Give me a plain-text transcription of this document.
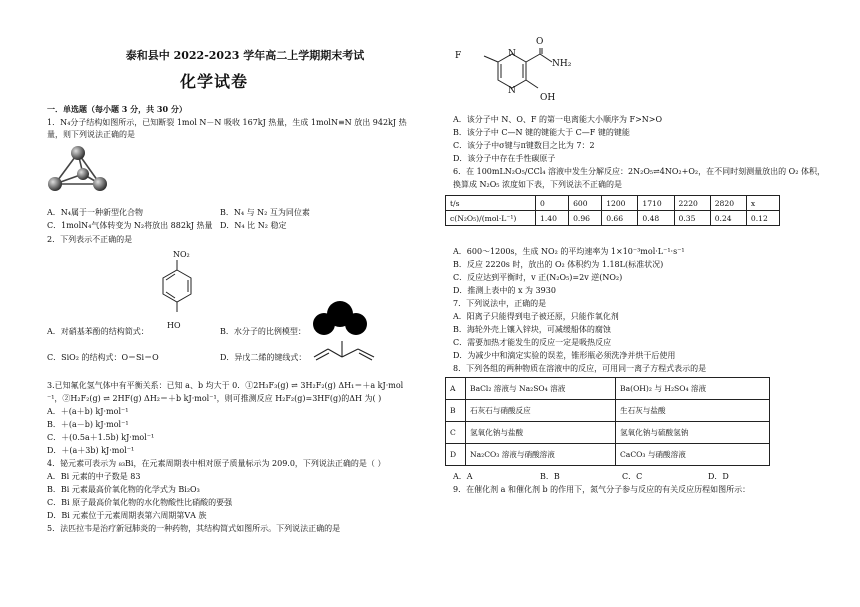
泰和县中 2022-2023 学年高二上学期期末考试
化学试卷
一．单选题（每小题 3 分，共 30 分）
1．N₄分子结构如图所示，已知断裂 1mol N－N 吸收 167kJ 热量，生成 1molN≡N 放出 942kJ 热
量，则下列说法正确的是
A．N₄属于一种新型化合物	B．N₄ 与 N₂ 互为同位素
C．1molN₄气体转变为 N₂将放出 882kJ 热量 D．N₄ 比 N₂ 稳定
2．下列表示不正确的是
NO₂
HO
A．对硝基苯酚的结构简式：	B．水分子的比例模型：
C．SiO₂ 的结构式：O＝Si＝O	D．异戊二烯的键线式：
3.已知氟化氢气体中有平衡关系：已知 a、b 均大于 0．①2H₃F₃(g) ⇌ 3H₂F₂(g) ΔH₁＝＋a kJ·mol
⁻¹，②H₂F₂(g) ⇌ 2HF(g) ΔH₂＝＋b kJ·mol⁻¹，则可推测反应 H₂F₂(g)=3HF(g)的ΔH 为( )
A．＋(a＋b) kJ·mol⁻¹
B．＋(a－b) kJ·mol⁻¹
C．＋(0.5a＋1.5b) kJ·mol⁻¹
D．＋(a＋3b) kJ·mol⁻¹
4．铋元素可表示为 ₈₃Bi，在元素周期表中相对原子质量标示为 209.0，下列说法正确的是（ ）
A．Bi 元素的中子数是 83
B．Bi 元素最高价氧化物的化学式为 Bi₂O₃
C．Bi 原子最高价氧化物的水化物酸性比硝酸的要强
D．Bi 元素位于元素周期表第六周期第ⅤA 族
5．法匹拉韦是治疗新冠肺炎的一种药物，其结构简式如图所示。下列说法正确的是
F	N
N
O
NH₂
OH
A．该分子中 N、O、F 的第一电离能大小顺序为 F>N>O
B．该分子中 C—N 键的键能大于 C—F 键的键能
C．该分子中σ键与π键数目之比为 7：2
D．该分子中存在手性碳原子
6．在 100mLN₂O₅/CCl₄ 溶液中发生分解反应：2N₂O₅⇌4NO₂+O₂，在不同时刻测量放出的 O₂ 体积，
换算成 N₂O₅ 浓度如下表，下列说法不正确的是
t/s	0	600	1200	1710	2220	2820	x
c(N₂O₅)/(mol·L⁻¹)	1.40	0.96	0.66	0.48	0.35	0.24	0.12
A．600～1200s，生成 NO₂ 的平均速率为 1×10⁻³mol·L⁻¹·s⁻¹
B．反应 2220s 时，放出的 O₂ 体积约为 1.18L(标准状况)
C．反应达到平衡时，v 正(N₂O₅)=2v 逆(NO₂)
D．推测上表中的 x 为 3930
7．下列说法中，正确的是
A．阳离子只能得到电子被还原，只能作氧化剂
B．海轮外壳上镶入锌块，可减缓船体的腐蚀
C．需要加热才能发生的反应一定是吸热反应
D．为减少中和滴定实验的误差，锥形瓶必须洗净并烘干后使用
8．下列各组的两种物质在溶液中的反应，可用同一离子方程式表示的是
A	BaCl₂ 溶液与 Na₂SO₄ 溶液	Ba(OH)₂ 与 H₂SO₄ 溶液
B	石灰石与硝酸反应	生石灰与盐酸
C	氢氧化钠与盐酸	氢氧化钠与硫酸氢钠
D	Na₂CO₃ 溶液与硝酸溶液	CaCO₃ 与硝酸溶液
A．A	B．B	C．C	D．D
9．在催化剂 a 和催化剂 b 的作用下，氮气分子参与反应的有关反应历程如图所示：
